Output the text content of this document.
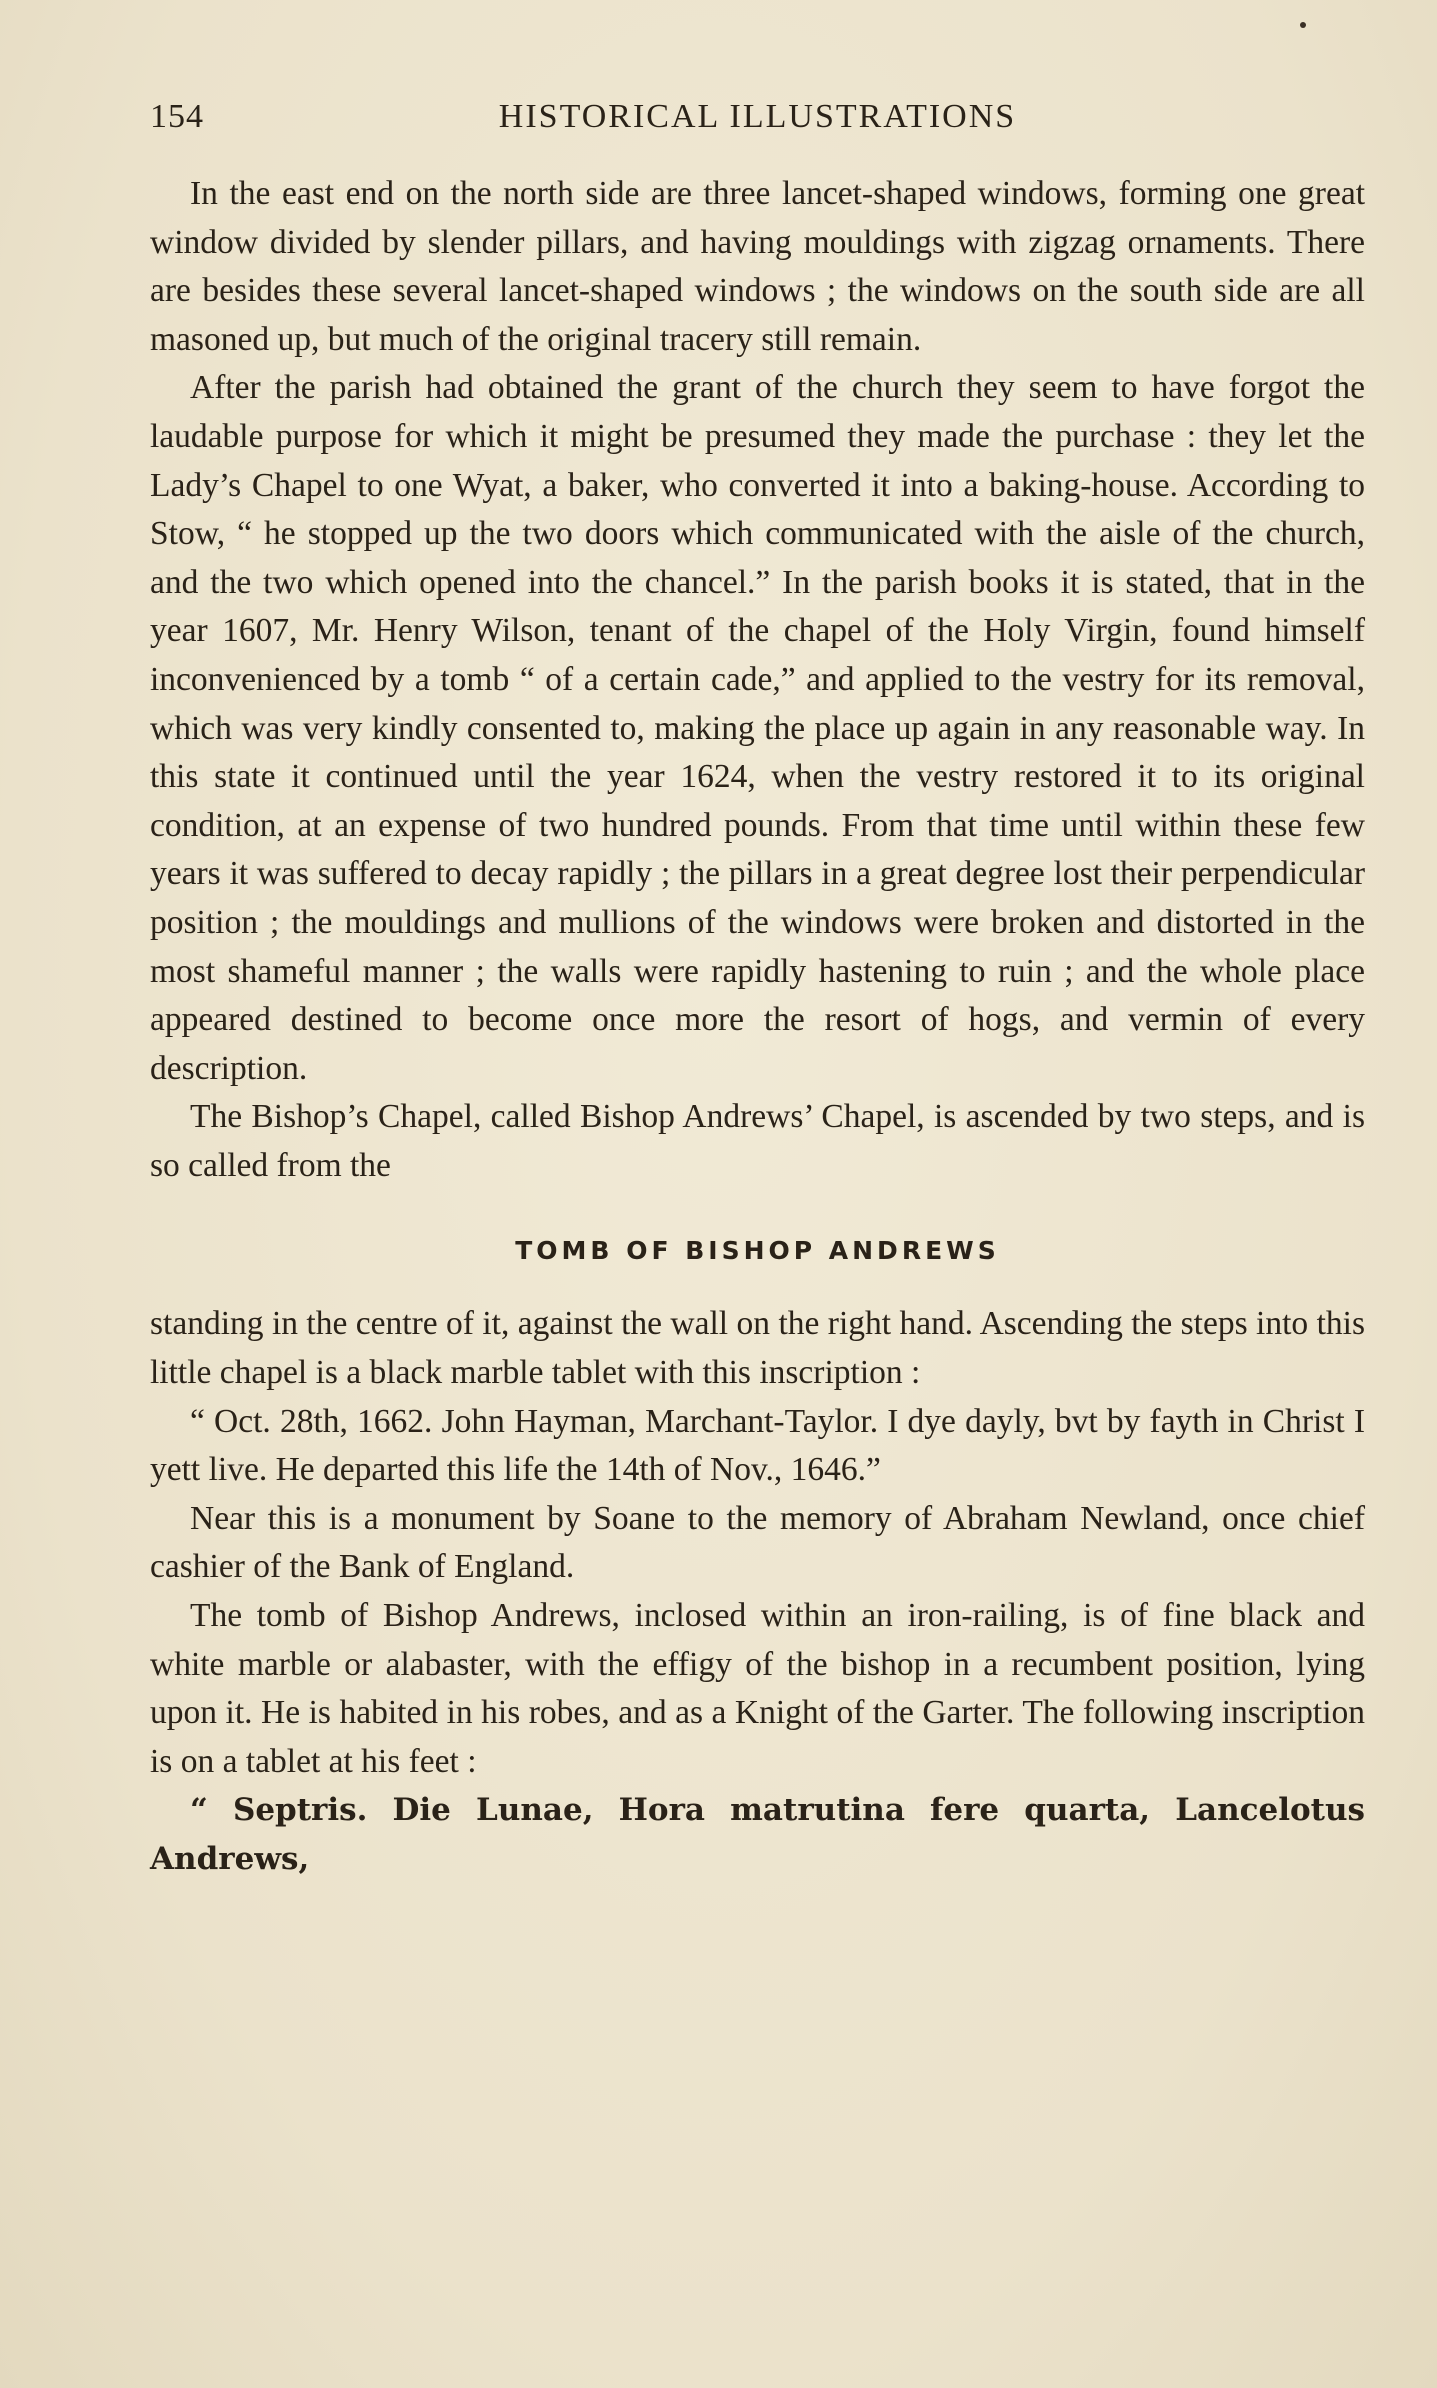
154	HISTORICAL ILLUSTRATIONS

In the east end on the north side are three lancet-shaped windows, forming one great window divided by slender pillars, and having mouldings with zigzag ornaments. There are besides these several lancet-shaped windows ; the windows on the south side are all masoned up, but much of the original tracery still remain.

After the parish had obtained the grant of the church they seem to have forgot the laudable purpose for which it might be presumed they made the purchase : they let the Lady’s Chapel to one Wyat, a baker, who converted it into a baking-house. According to Stow, “ he stopped up the two doors which communicated with the aisle of the church, and the two which opened into the chancel.” In the parish books it is stated, that in the year 1607, Mr. Henry Wilson, tenant of the chapel of the Holy Virgin, found himself inconvenienced by a tomb “ of a certain cade,” and applied to the vestry for its removal, which was very kindly consented to, making the place up again in any reasonable way. In this state it continued until the year 1624, when the vestry restored it to its original condition, at an expense of two hundred pounds. From that time until within these few years it was suffered to decay rapidly ; the pillars in a great degree lost their perpendicular position ; the mouldings and mullions of the windows were broken and distorted in the most shameful manner ; the walls were rapidly hastening to ruin ; and the whole place appeared destined to become once more the resort of hogs, and vermin of every description.

The Bishop’s Chapel, called Bishop Andrews’ Chapel, is ascended by two steps, and is so called from the

TOMB OF BISHOP ANDREWS

standing in the centre of it, against the wall on the right hand. Ascending the steps into this little chapel is a black marble tablet with this inscription :

“ Oct. 28th, 1662. John Hayman, Marchant-Taylor. I dye dayly, bvt by fayth in Christ I yett live. He departed this life the 14th of Nov., 1646.”

Near this is a monument by Soane to the memory of Abraham Newland, once chief cashier of the Bank of England.

The tomb of Bishop Andrews, inclosed within an iron-railing, is of fine black and white marble or alabaster, with the effigy of the bishop in a recumbent position, lying upon it. He is habited in his robes, and as a Knight of the Garter. The following inscription is on a tablet at his feet :

“ Septris. Die Lunae, Hora matrutina fere quarta, Lancelotus Andrews,
